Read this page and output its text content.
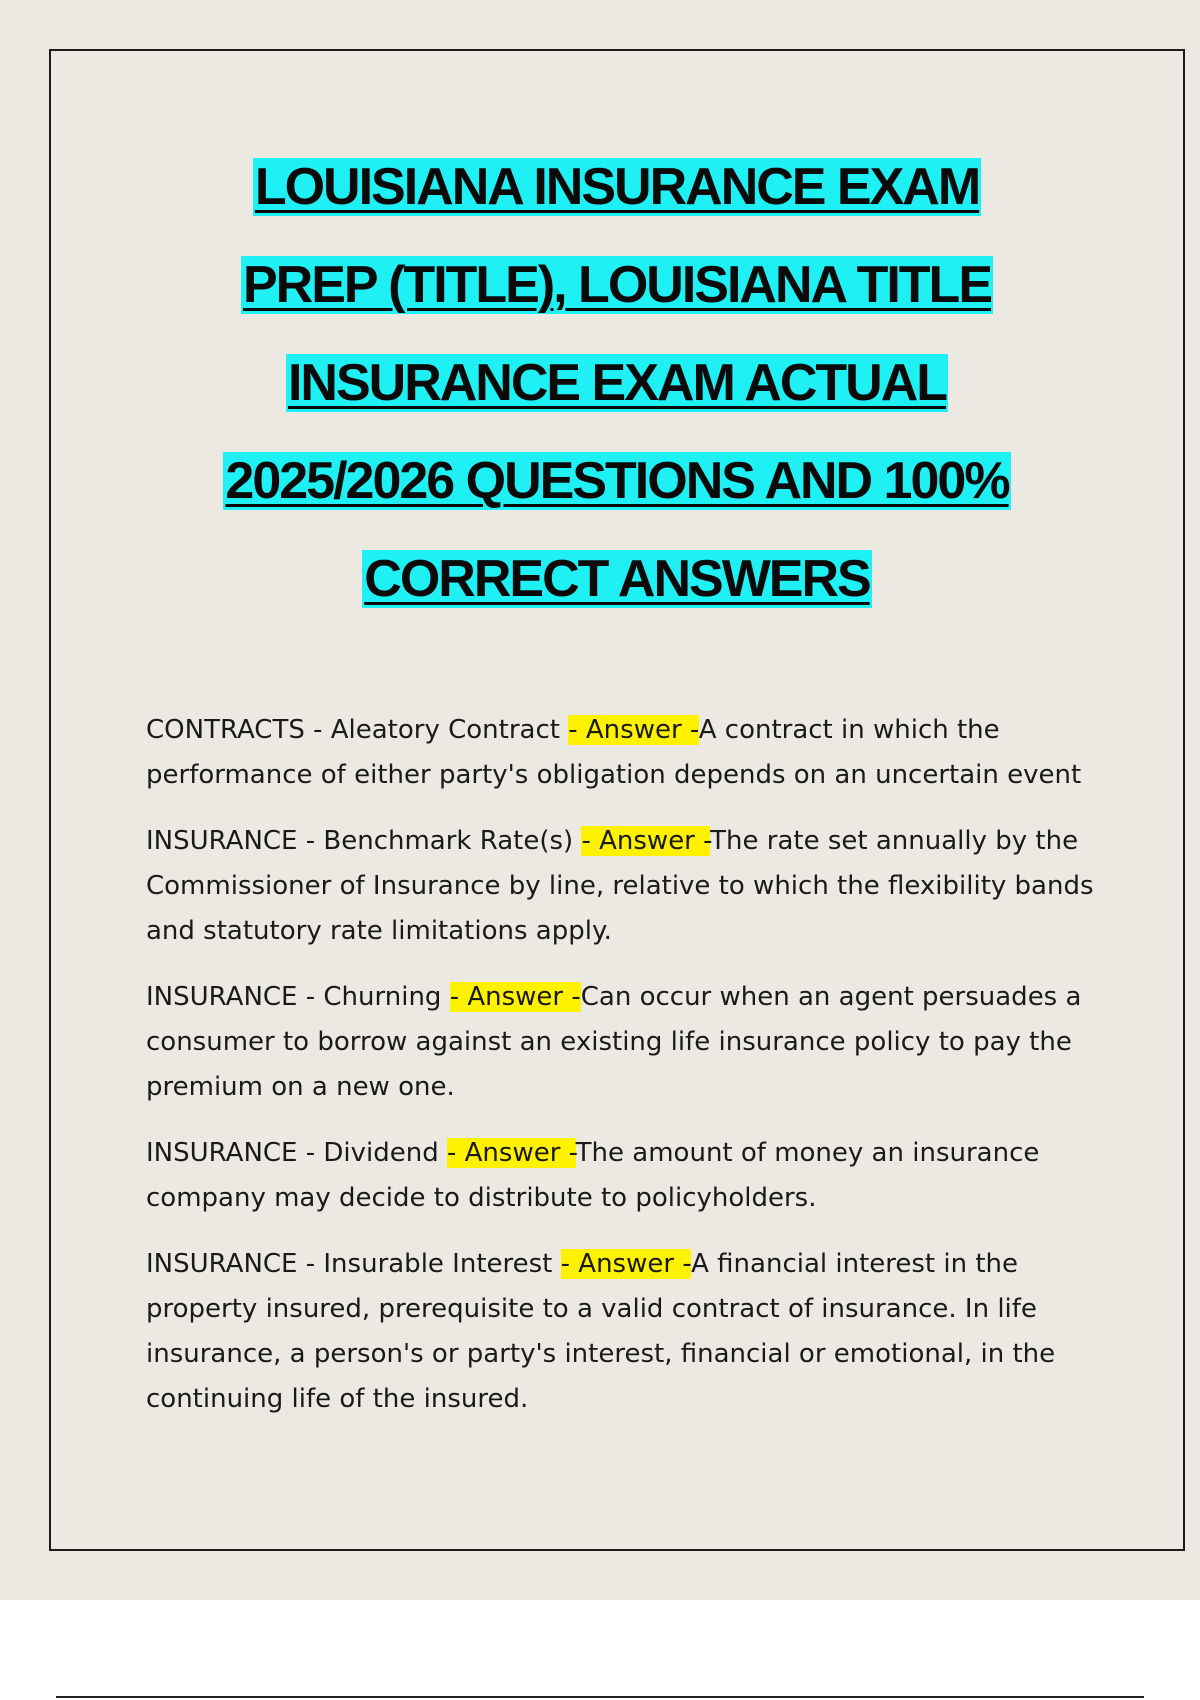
LOUISIANA INSURANCE EXAM
PREP (TITLE), LOUISIANA TITLE
INSURANCE EXAM ACTUAL
2025/2026 QUESTIONS AND 100%
CORRECT ANSWERS

CONTRACTS - Aleatory Contract - Answer -A contract in which the performance of either party's obligation depends on an uncertain event

INSURANCE - Benchmark Rate(s) - Answer -The rate set annually by the Commissioner of Insurance by line, relative to which the flexibility bands and statutory rate limitations apply.

INSURANCE - Churning - Answer -Can occur when an agent persuades a consumer to borrow against an existing life insurance policy to pay the premium on a new one.

INSURANCE - Dividend - Answer -The amount of money an insurance company may decide to distribute to policyholders.

INSURANCE - Insurable Interest - Answer -A financial interest in the property insured, prerequisite to a valid contract of insurance. In life insurance, a person's or party's interest, financial or emotional, in the continuing life of the insured.
